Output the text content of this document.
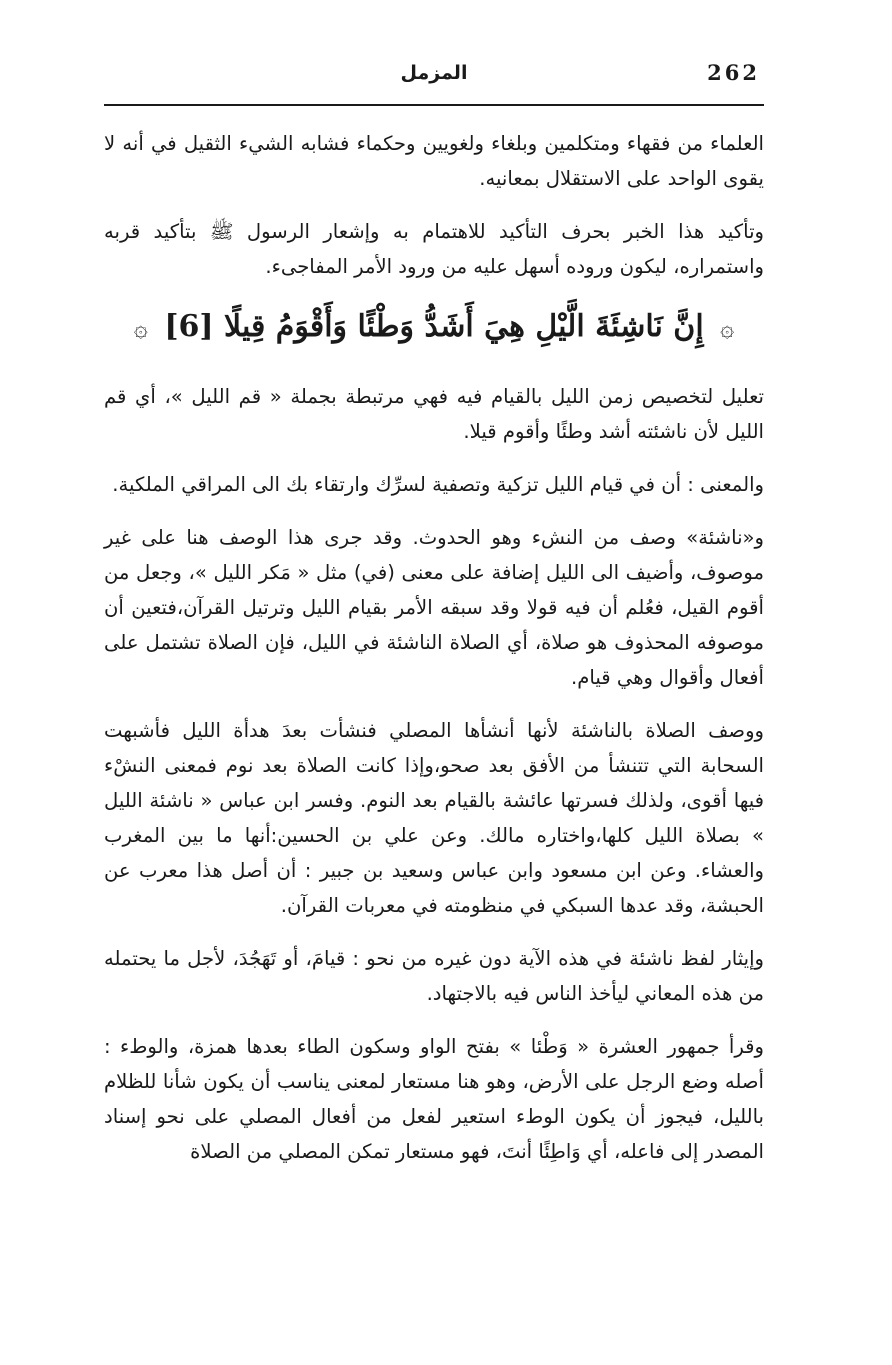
262
المزمل

العلماء من فقهاء ومتكلمين وبلغاء ولغويين وحكماء فشابه الشيء الثقيل في أنه لا يقوى الواحد على الاستقلال بمعانيه.

وتأكيد هذا الخبر بحرف التأكيد للاهتمام به وإشعار الرسول ﷺ بتأكيد قربه واستمراره، ليكون وروده أسهل عليه من ورود الأمر المفاجىء.

۞ إِنَّ نَاشِئَةَ الَّيْلِ هِيَ أَشَدُّ وَطْئًا وَأَقْوَمُ قِيلًا [6] ۞

تعليل لتخصيص زمن الليل بالقيام فيه فهي مرتبطة بجملة « قم الليل »، أي قم الليل لأن ناشئته أشد وطئًا وأقوم قيلا.

والمعنى : أن في قيام الليل تزكية وتصفية لسرِّك وارتقاء بك الى المراقي الملكية.

و«ناشئة» وصف من النشء وهو الحدوث. وقد جرى هذا الوصف هنا على غير موصوف، وأضيف الى الليل إضافة على معنى (في) مثل « مَكر الليل »، وجعل من أقوم القيل، فعُلم أن فيه قولا وقد سبقه الأمر بقيام الليل وترتيل القرآن،فتعين أن موصوفه المحذوف هو صلاة، أي الصلاة الناشئة في الليل، فإن الصلاة تشتمل على أفعال وأقوال وهي قيام.

ووصف الصلاة بالناشئة لأنها أنشأها المصلي فنشأت بعدَ هدأة الليل فأشبهت السحابة التي تتنشأ من الأفق بعد صحو،وإذا كانت الصلاة بعد نوم فمعنى النشْء فيها أقوى، ولذلك فسرتها عائشة بالقيام بعد النوم. وفسر ابن عباس « ناشئة الليل » بصلاة الليل كلها،واختاره مالك. وعن علي بن الحسين:أنها ما بين المغرب والعشاء. وعن ابن مسعود وابن عباس وسعيد بن جبير : أن أصل هذا معرب عن الحبشة، وقد عدها السبكي في منظومته في معربات القرآن.

وإيثار لفظ ناشئة في هذه الآية دون غيره من نحو : قيامَ، أو تَهَجُدَ، لأجل ما يحتمله من هذه المعاني ليأخذ الناس فيه بالاجتهاد.

وقرأ جمهور العشرة « وَطْئا » بفتح الواو وسكون الطاء بعدها همزة، والوطء : أصله وضع الرجل على الأرض، وهو هنا مستعار لمعنى يناسب أن يكون شأنا للظلام بالليل، فيجوز أن يكون الوطء استعير لفعل من أفعال المصلي على نحو إسناد المصدر إلى فاعله، أي وَاطِئًا أنتَ، فهو مستعار تمكن المصلي من الصلاة
